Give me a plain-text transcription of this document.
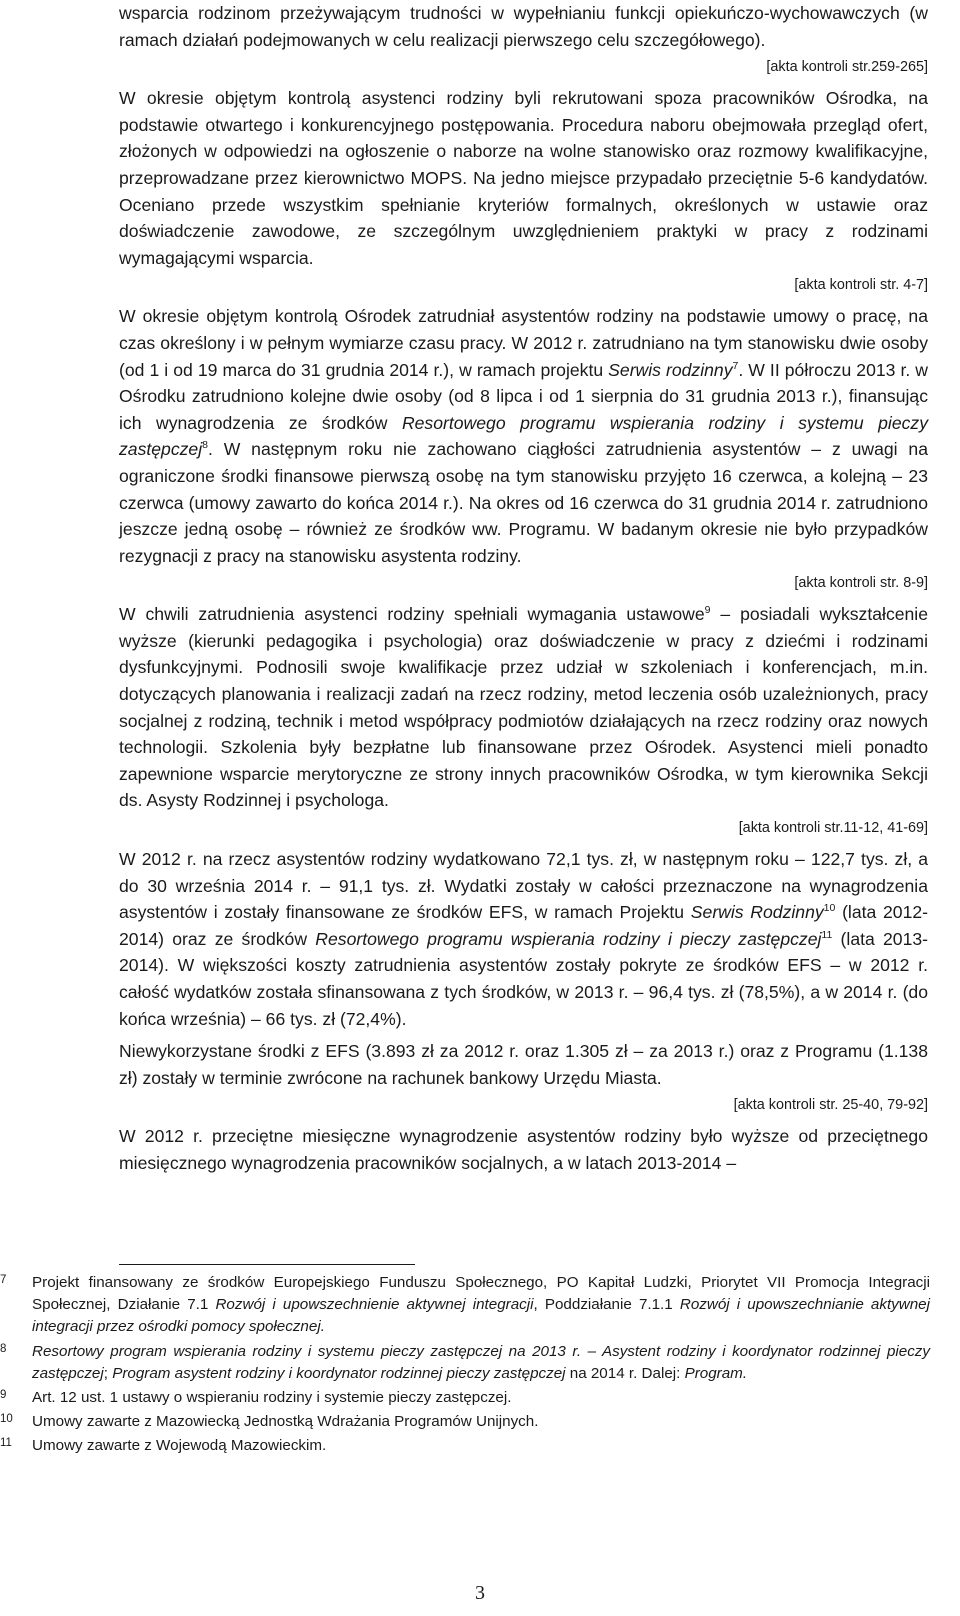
wsparcia rodzinom przeżywającym trudności w wypełnianiu funkcji opiekuńczo-wychowawczych (w ramach działań podejmowanych w celu realizacji pierwszego celu szczegółowego).

[akta kontroli str.259-265]

W okresie objętym kontrolą asystenci rodziny byli rekrutowani spoza pracowników Ośrodka, na podstawie otwartego i konkurencyjnego postępowania. Procedura naboru obejmowała przegląd ofert, złożonych w odpowiedzi na ogłoszenie o naborze na wolne stanowisko oraz rozmowy kwalifikacyjne, przeprowadzane przez kierownictwo MOPS. Na jedno miejsce przypadało przeciętnie 5-6 kandydatów. Oceniano przede wszystkim spełnianie kryteriów formalnych, określonych w ustawie oraz doświadczenie zawodowe, ze szczególnym uwzględnieniem praktyki w pracy z rodzinami wymagającymi wsparcia.

[akta kontroli str. 4-7]

W okresie objętym kontrolą Ośrodek zatrudniał asystentów rodziny na podstawie umowy o pracę, na czas określony i w pełnym wymiarze czasu pracy. W 2012 r. zatrudniano na tym stanowisku dwie osoby (od 1 i od 19 marca do 31 grudnia 2014 r.), w ramach projektu Serwis rodzinny$^7$. W II półroczu 2013 r. w Ośrodku zatrudniono kolejne dwie osoby (od 8 lipca i od 1 sierpnia do 31 grudnia 2013 r.), finansując ich wynagrodzenia ze środków Resortowego programu wspierania rodziny i systemu pieczy zastępczej$^8$. W następnym roku nie zachowano ciągłości zatrudnienia asystentów – z uwagi na ograniczone środki finansowe pierwszą osobę na tym stanowisku przyjęto 16 czerwca, a kolejną – 23 czerwca (umowy zawarto do końca 2014 r.). Na okres od 16 czerwca do 31 grudnia 2014 r. zatrudniono jeszcze jedną osobę – również ze środków ww. Programu. W badanym okresie nie było przypadków rezygnacji z pracy na stanowisku asystenta rodziny.

[akta kontroli str. 8-9]

W chwili zatrudnienia asystenci rodziny spełniali wymagania ustawowe$^9$ – posiadali wykształcenie wyższe (kierunki pedagogika i psychologia) oraz doświadczenie w pracy z dziećmi i rodzinami dysfunkcyjnymi. Podnosili swoje kwalifikacje przez udział w szkoleniach i konferencjach, m.in. dotyczących planowania i realizacji zadań na rzecz rodziny, metod leczenia osób uzależnionych, pracy socjalnej z rodziną, technik i metod współpracy podmiotów działających na rzecz rodziny oraz nowych technologii. Szkolenia były bezpłatne lub finansowane przez Ośrodek. Asystenci mieli ponadto zapewnione wsparcie merytoryczne ze strony innych pracowników Ośrodka, w tym kierownika Sekcji ds. Asysty Rodzinnej i psychologa.

[akta kontroli str.11-12, 41-69]

W 2012 r. na rzecz asystentów rodziny wydatkowano 72,1 tys. zł, w następnym roku – 122,7 tys. zł, a do 30 września 2014 r. – 91,1 tys. zł. Wydatki zostały w całości przeznaczone na wynagrodzenia asystentów i zostały finansowane ze środków EFS, w ramach Projektu Serwis Rodzinny$^{10}$ (lata 2012-2014) oraz ze środków Resortowego programu wspierania rodziny i pieczy zastępczej$^{11}$ (lata 2013-2014). W większości koszty zatrudnienia asystentów zostały pokryte ze środków EFS – w 2012 r. całość wydatków została sfinansowana z tych środków, w 2013 r. – 96,4 tys. zł (78,5%), a w 2014 r. (do końca września) – 66 tys. zł (72,4%).

Niewykorzystane środki z EFS (3.893 zł za 2012 r. oraz 1.305 zł – za 2013 r.) oraz z Programu (1.138 zł) zostały w terminie zwrócone na rachunek bankowy Urzędu Miasta.

[akta kontroli str. 25-40, 79-92]

W 2012 r. przeciętne miesięczne wynagrodzenie asystentów rodziny było wyższe od przeciętnego miesięcznego wynagrodzenia pracowników socjalnych, a w latach 2013-2014 –

7 Projekt finansowany ze środków Europejskiego Funduszu Społecznego, PO Kapitał Ludzki, Priorytet VII Promocja Integracji Społecznej, Działanie 7.1 Rozwój i upowszechnienie aktywnej integracji, Poddziałanie 7.1.1 Rozwój i upowszechnianie aktywnej integracji przez ośrodki pomocy społecznej.
8 Resortowy program wspierania rodziny i systemu pieczy zastępczej na 2013 r. – Asystent rodziny i koordynator rodzinnej pieczy zastępczej; Program asystent rodziny i koordynator rodzinnej pieczy zastępczej na 2014 r. Dalej: Program.
9 Art. 12 ust. 1 ustawy o wspieraniu rodziny i systemie pieczy zastępczej.
10 Umowy zawarte z Mazowiecką Jednostką Wdrażania Programów Unijnych.
11 Umowy zawarte z Wojewodą Mazowieckim.
3
